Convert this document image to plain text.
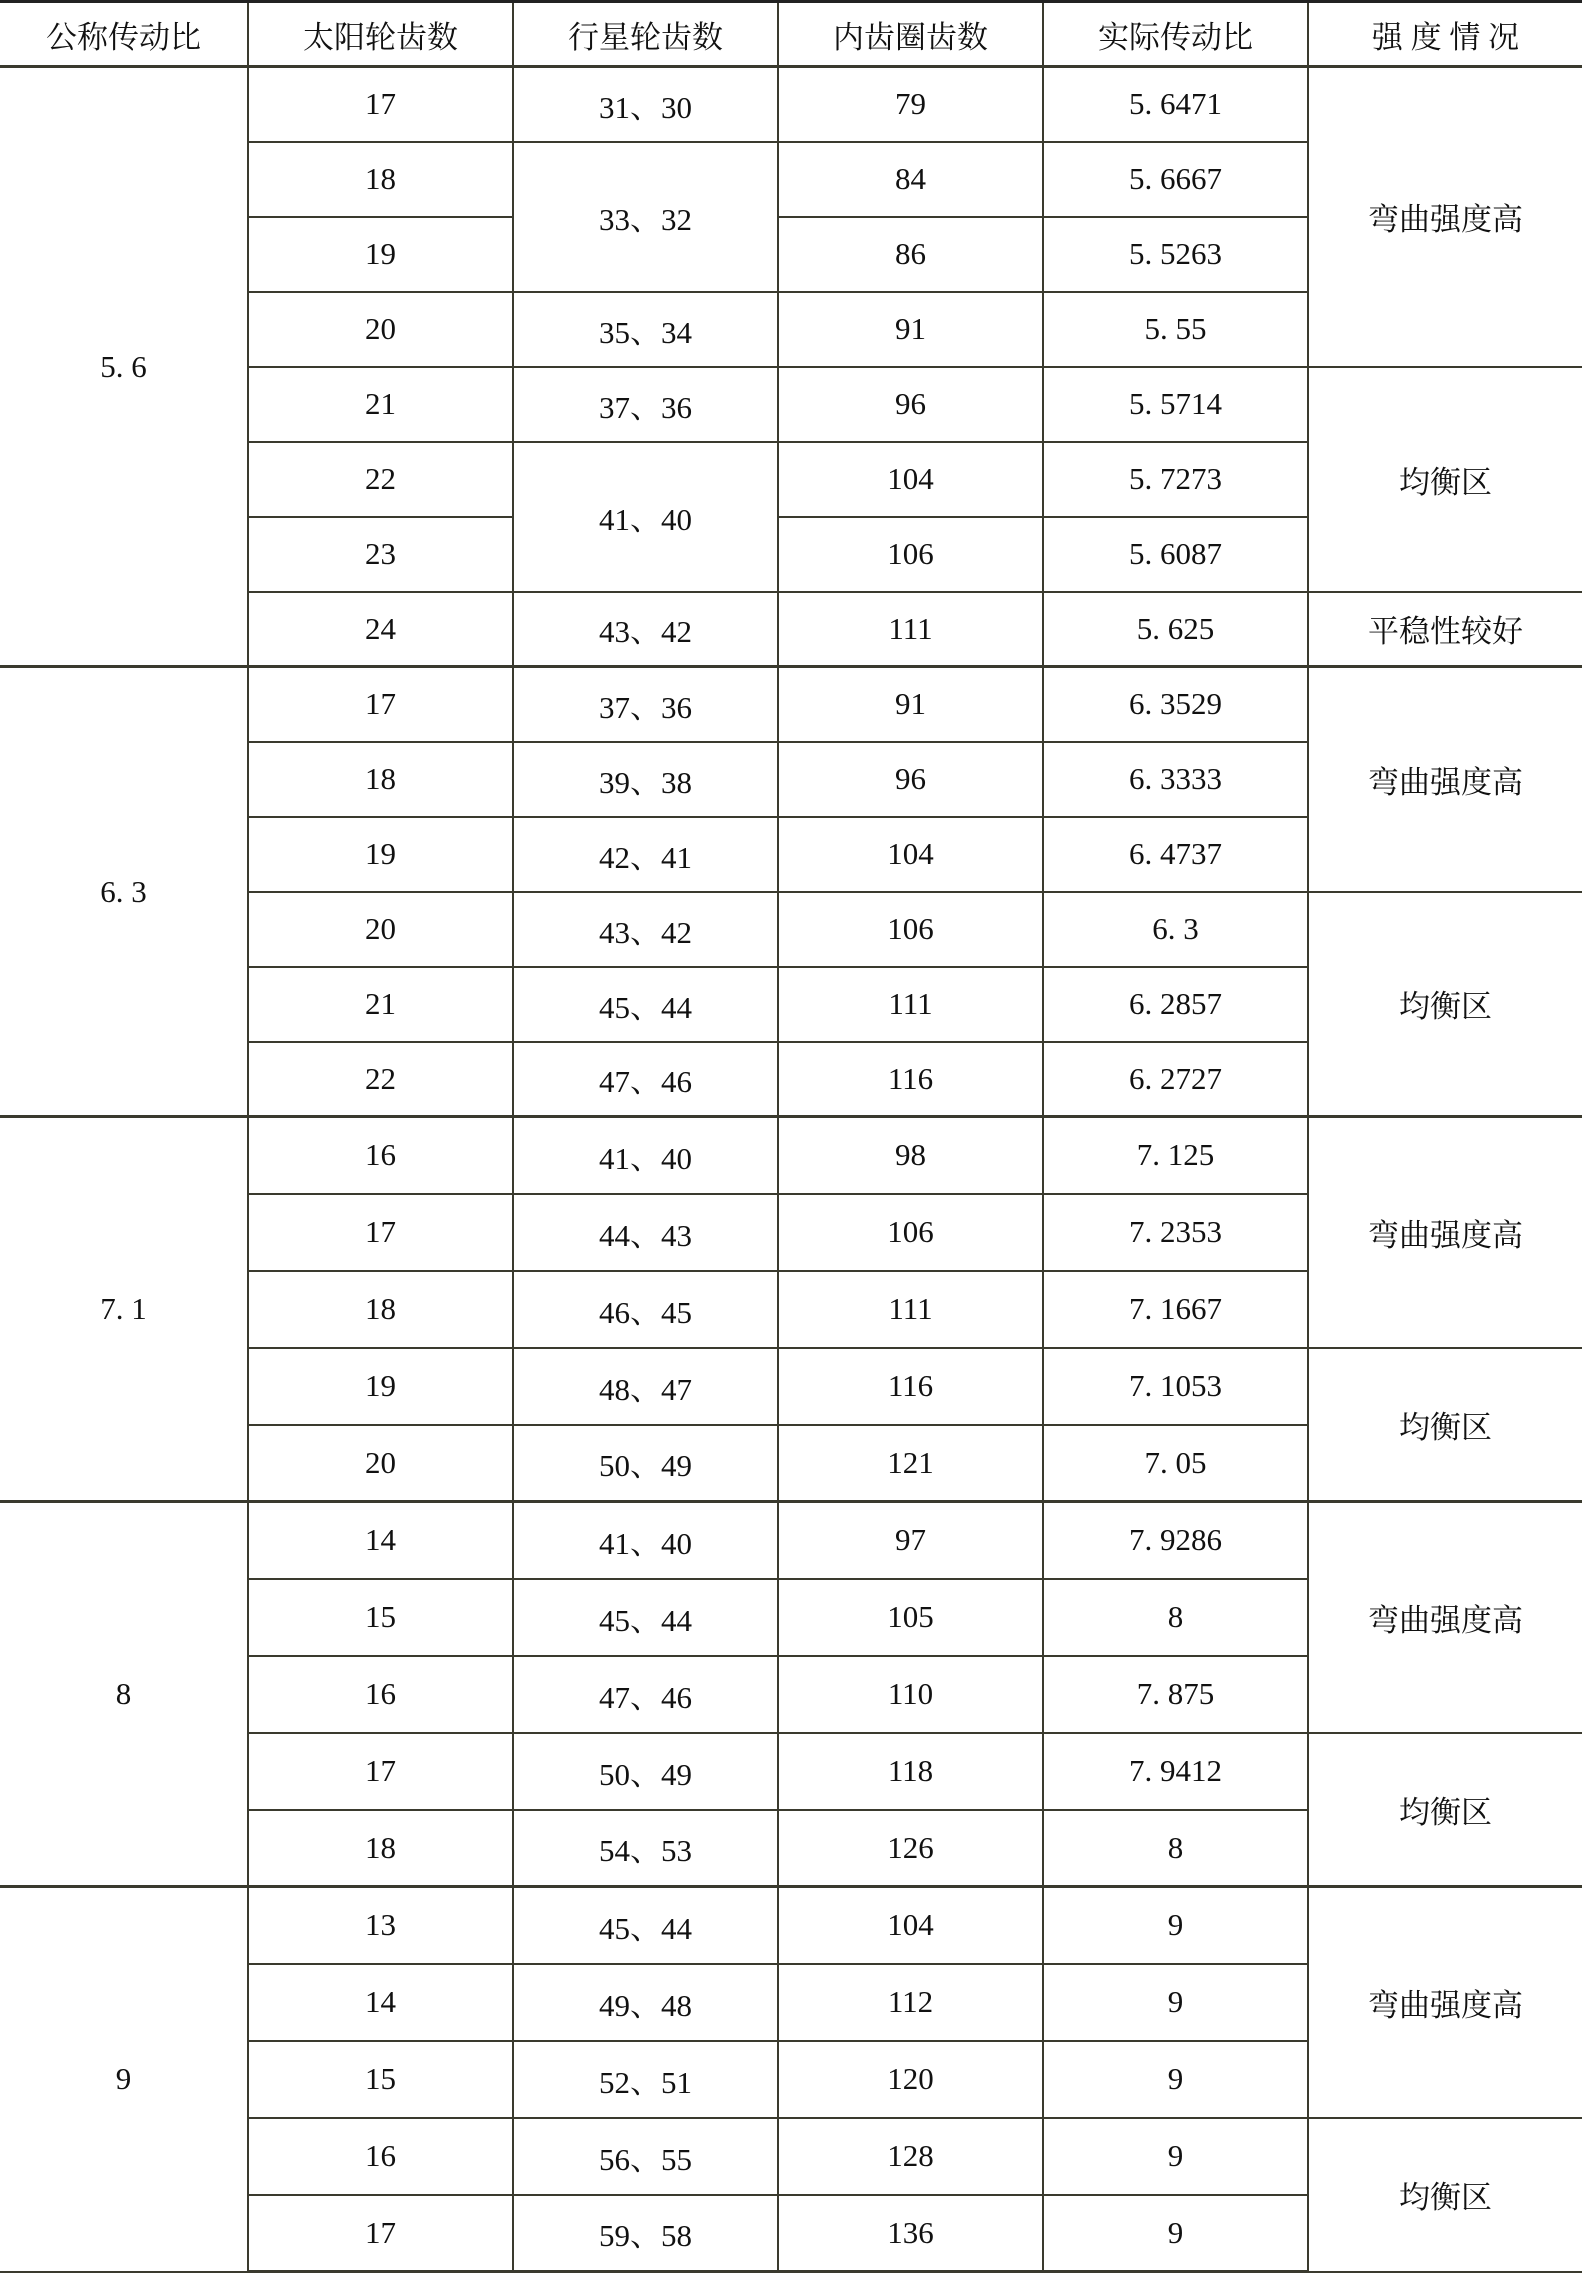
公称传动比	太阳轮齿数	行星轮齿数	内齿圈齿数	实际传动比	强 度 情 况
5. 6	17	31、30	79	5. 6471	弯曲强度高
	18	33、32	84	5. 6667	
	19		86	5. 5263	
	20	35、34	91	5. 55	
	21	37、36	96	5. 5714	均衡区
	22	41、40	104	5. 7273	
	23		106	5. 6087	
	24	43、42	111	5. 625	平稳性较好
6. 3	17	37、36	91	6. 3529	弯曲强度高
	18	39、38	96	6. 3333	
	19	42、41	104	6. 4737	
	20	43、42	106	6. 3	均衡区
	21	45、44	111	6. 2857	
	22	47、46	116	6. 2727	
7. 1	16	41、40	98	7. 125	弯曲强度高
	17	44、43	106	7. 2353	
	18	46、45	111	7. 1667	
	19	48、47	116	7. 1053	均衡区
	20	50、49	121	7. 05	
8	14	41、40	97	7. 9286	弯曲强度高
	15	45、44	105	8	
	16	47、46	110	7. 875	
	17	50、49	118	7. 9412	均衡区
	18	54、53	126	8	
9	13	45、44	104	9	弯曲强度高
	14	49、48	112	9	
	15	52、51	120	9	
	16	56、55	128	9	均衡区
	17	59、58	136	9	
